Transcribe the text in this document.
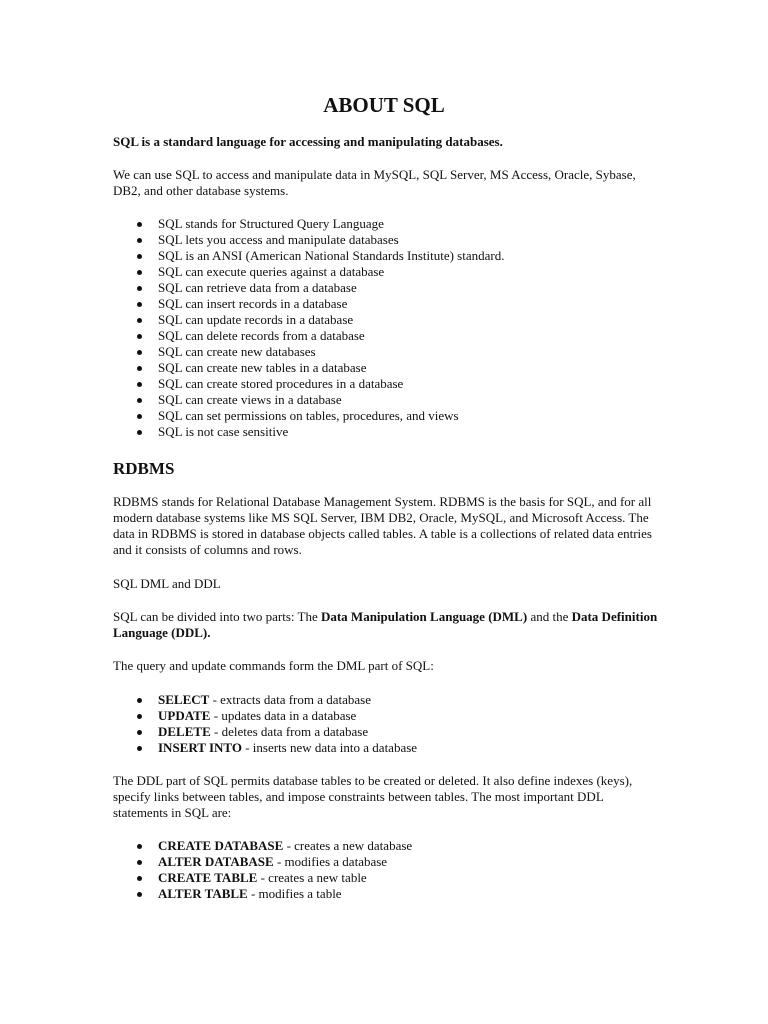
ABOUT SQL

SQL is a standard language for accessing and manipulating databases.

We can use SQL to access and manipulate data in MySQL, SQL Server, MS Access, Oracle, Sybase, DB2, and other database systems.

SQL stands for Structured Query Language
SQL lets you access and manipulate databases
SQL is an ANSI (American National Standards Institute) standard.
SQL can execute queries against a database
SQL can retrieve data from a database
SQL can insert records in a database
SQL can update records in a database
SQL can delete records from a database
SQL can create new databases
SQL can create new tables in a database
SQL can create stored procedures in a database
SQL can create views in a database
SQL can set permissions on tables, procedures, and views
SQL is not case sensitive
RDBMS

RDBMS stands for Relational Database Management System. RDBMS is the basis for SQL, and for all modern database systems like MS SQL Server, IBM DB2, Oracle, MySQL, and Microsoft Access. The data in RDBMS is stored in database objects called tables. A table is a collections of related data entries and it consists of columns and rows.

SQL DML and DDL

SQL can be divided into two parts: The Data Manipulation Language (DML) and the Data Definition Language (DDL).

The query and update commands form the DML part of SQL:

SELECT - extracts data from a database
UPDATE - updates data in a database
DELETE - deletes data from a database
INSERT INTO - inserts new data into a database

The DDL part of SQL permits database tables to be created or deleted. It also define indexes (keys), specify links between tables, and impose constraints between tables. The most important DDL statements in SQL are:

CREATE DATABASE - creates a new database
ALTER DATABASE - modifies a database
CREATE TABLE - creates a new table
ALTER TABLE - modifies a table
